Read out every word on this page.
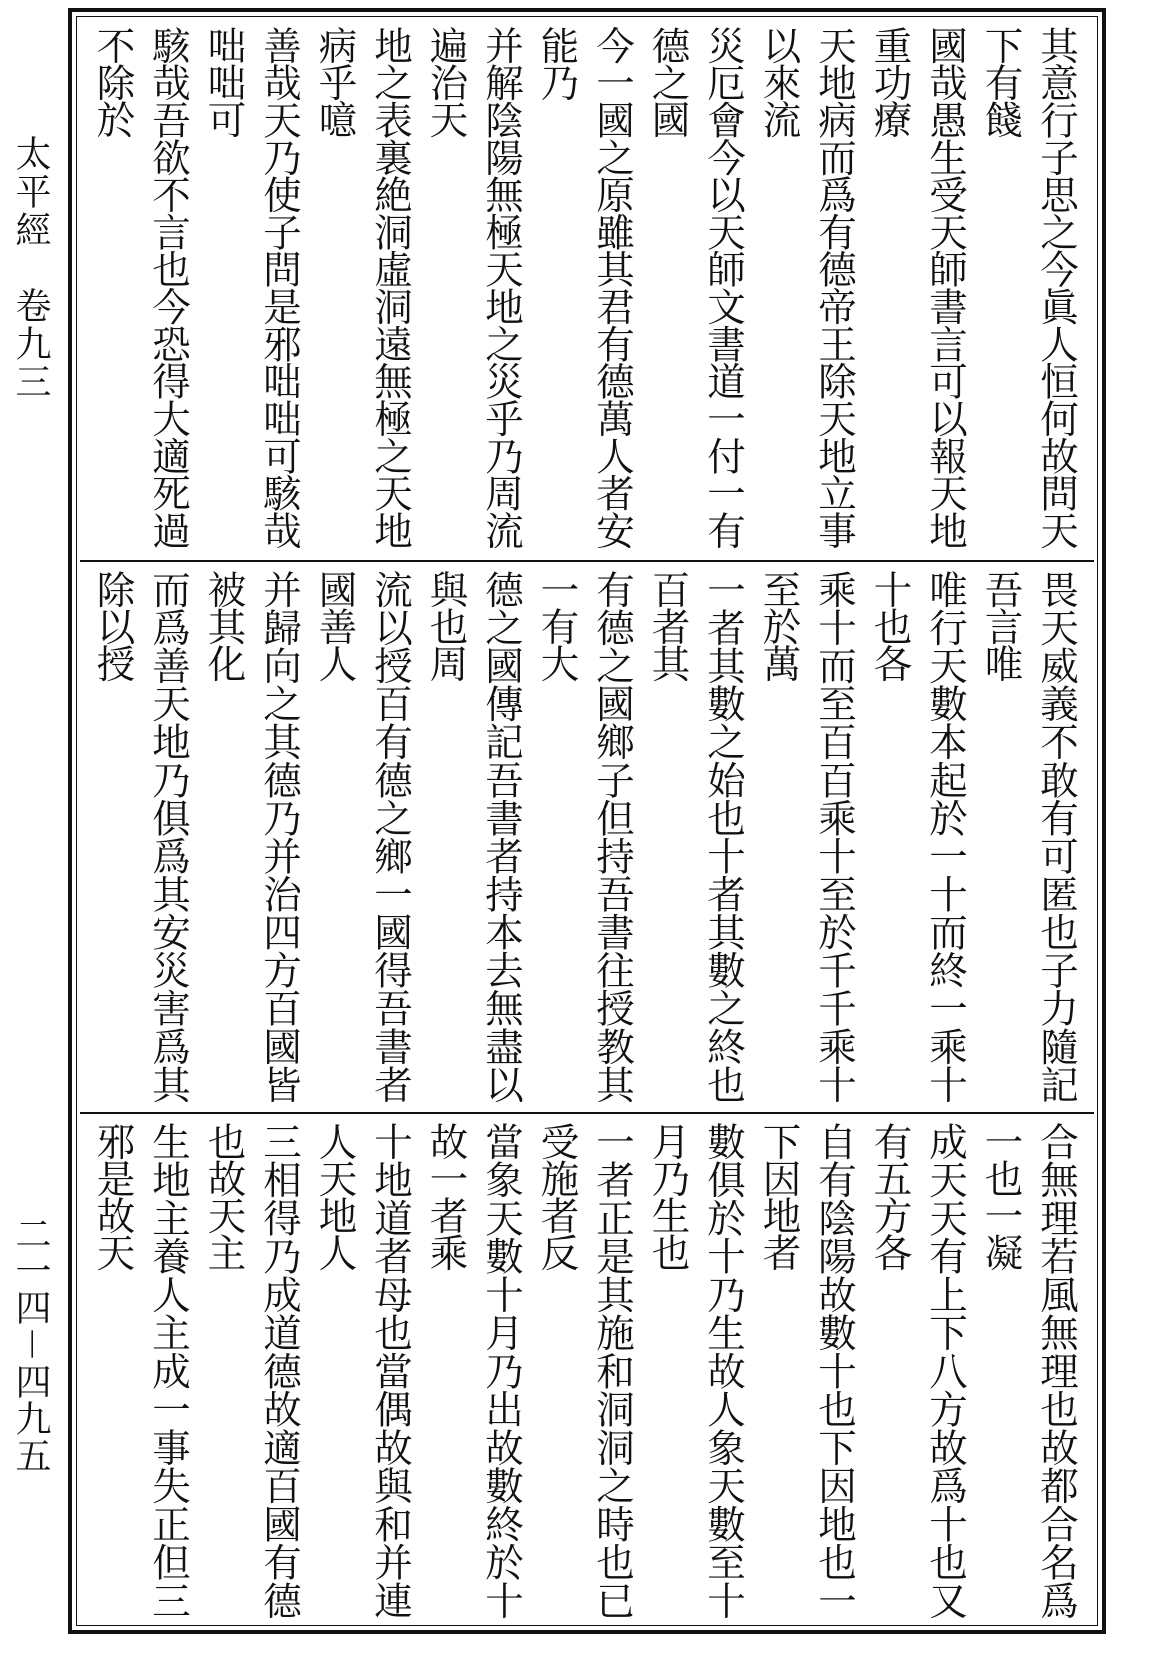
太平經　卷九三
二一四－四九五
其意行子思之今眞人恒何故問天下有餞
國哉愚生受天師書言可以報天地重功療
天地病而爲有德帝王除天地立事以來流
災厄會今以天師文書道一付一有德之國
今一國之原雖其君有德萬人者安能乃
并解陰陽無極天地之災乎乃周流遍治天
地之表裏絶洞虛洞遠無極之天地病乎噫
善哉天乃使子問是邪咄咄可駭哉咄咄可
駭哉吾欲不言也今恐得大適死過不除於
畏天威義不敢有可匿也子力隨記吾言唯
唯行天數本起於一十而終一乘十十也各
乘十而至百百乘十至於千千乘十至於萬
一者其數之始也十者其數之終也百者其
有德之國鄉子但持吾書往授教其一有大
德之國傳記吾書者持本去無盡以與也周
流以授百有德之鄉一國得吾書者國善人
并歸向之其德乃并治四方百國皆被其化
而爲善天地乃俱爲其安災害爲其除以授
合無理若風無理也故都合名爲一也一凝
成天天有上下八方故爲十也又有五方各
自有陰陽故數十也下因地也一下因地者
數俱於十乃生故人象天數至十月乃生也
一者正是其施和洞洞之時也已受施者反
當象天數十月乃出故數終於十故一者乘
十地道者母也當偶故與和并連人天地人
三相得乃成道德故適百國有德也故天主
生地主養人主成一事失正但三邪是故天
